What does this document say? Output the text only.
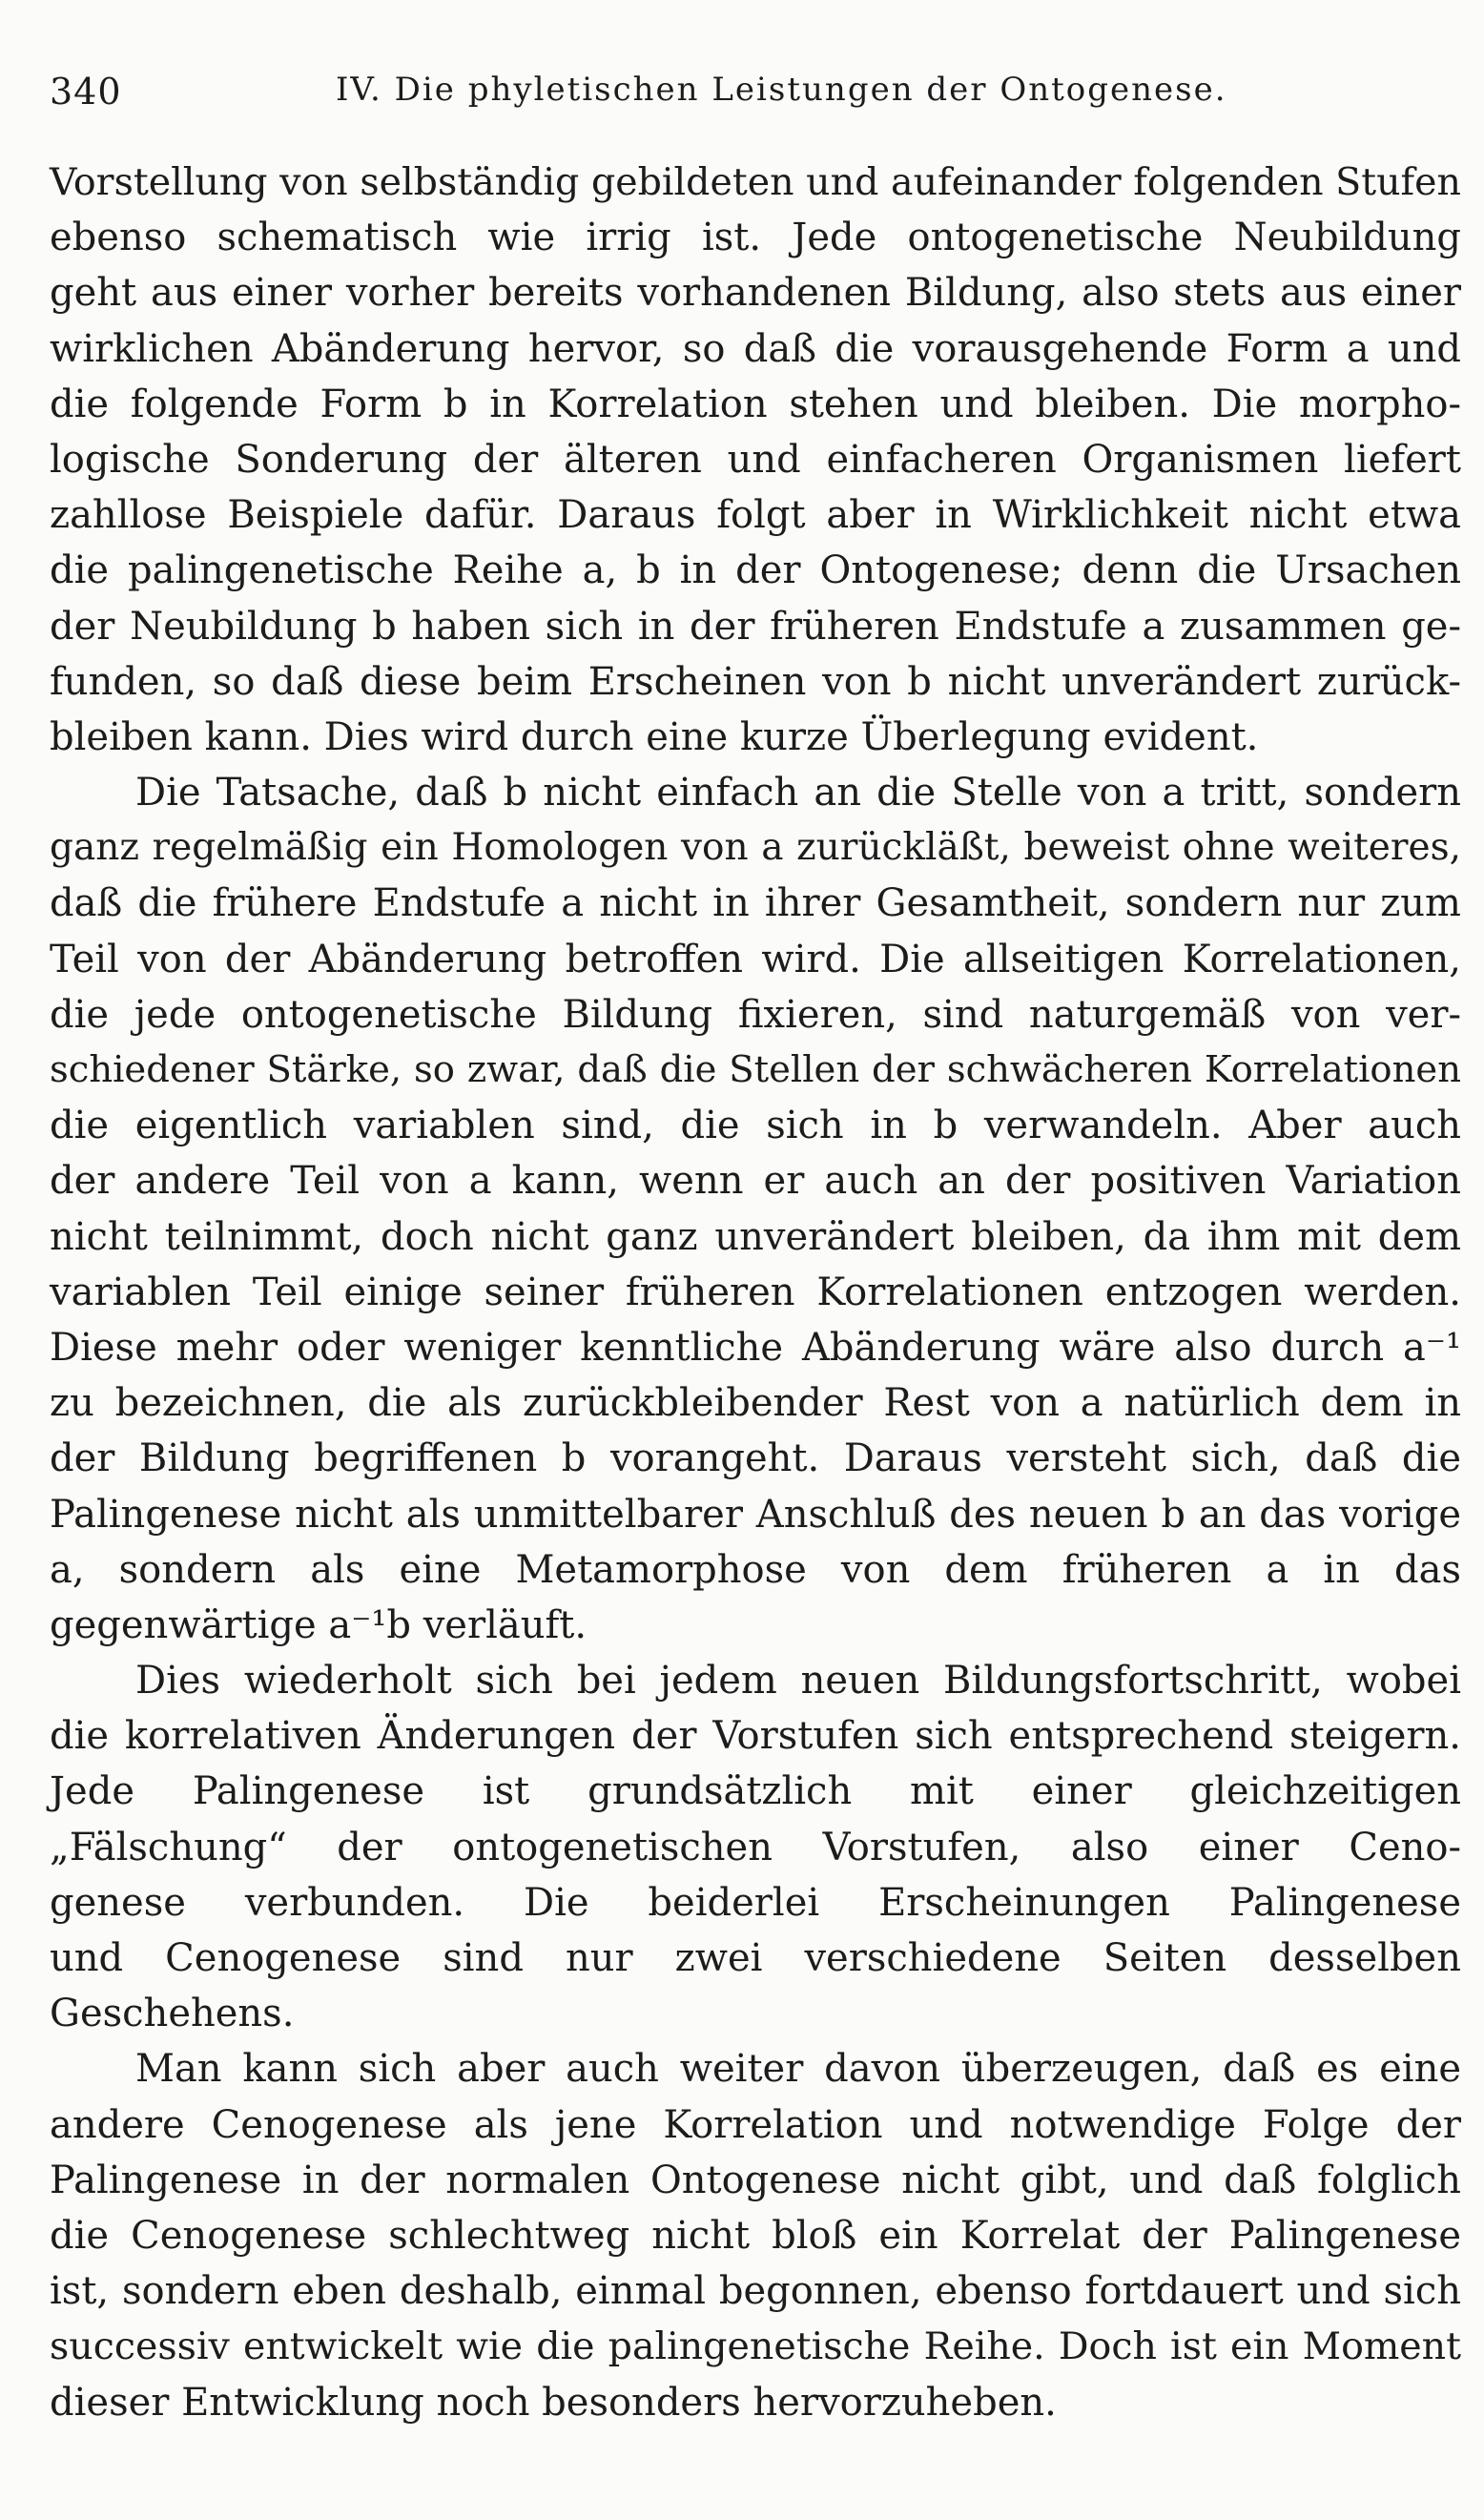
340	IV. Die phyletischen Leistungen der Ontogenese.
Vorstellung von selbständig gebildeten und aufeinander folgenden Stufen
ebenso schematisch wie irrig ist. Jede ontogenetische Neubildung
geht aus einer vorher bereits vorhandenen Bildung, also stets aus einer
wirklichen Abänderung hervor, so daß die vorausgehende Form a und
die folgende Form b in Korrelation stehen und bleiben. Die morpho-
logische Sonderung der älteren und einfacheren Organismen liefert
zahllose Beispiele dafür. Daraus folgt aber in Wirklichkeit nicht etwa
die palingenetische Reihe a, b in der Ontogenese; denn die Ursachen
der Neubildung b haben sich in der früheren Endstufe a zusammen ge-
funden, so daß diese beim Erscheinen von b nicht unverändert zurück-
bleiben kann. Dies wird durch eine kurze Überlegung evident.
Die Tatsache, daß b nicht einfach an die Stelle von a tritt, sondern
ganz regelmäßig ein Homologen von a zurückläßt, beweist ohne weiteres,
daß die frühere Endstufe a nicht in ihrer Gesamtheit, sondern nur zum
Teil von der Abänderung betroffen wird. Die allseitigen Korrelationen,
die jede ontogenetische Bildung fixieren, sind naturgemäß von ver-
schiedener Stärke, so zwar, daß die Stellen der schwächeren Korrelationen
die eigentlich variablen sind, die sich in b verwandeln. Aber auch
der andere Teil von a kann, wenn er auch an der positiven Variation
nicht teilnimmt, doch nicht ganz unverändert bleiben, da ihm mit dem
variablen Teil einige seiner früheren Korrelationen entzogen werden.
Diese mehr oder weniger kenntliche Abänderung wäre also durch a⁻¹
zu bezeichnen, die als zurückbleibender Rest von a natürlich dem in
der Bildung begriffenen b vorangeht. Daraus versteht sich, daß die
Palingenese nicht als unmittelbarer Anschluß des neuen b an das vorige
a, sondern als eine Metamorphose von dem früheren a in das
gegenwärtige a⁻¹b verläuft.
Dies wiederholt sich bei jedem neuen Bildungsfortschritt, wobei
die korrelativen Änderungen der Vorstufen sich entsprechend steigern.
Jede Palingenese ist grundsätzlich mit einer gleichzeitigen
„Fälschung“ der ontogenetischen Vorstufen, also einer Ceno-
genese verbunden. Die beiderlei Erscheinungen Palingenese
und Cenogenese sind nur zwei verschiedene Seiten desselben
Geschehens.
Man kann sich aber auch weiter davon überzeugen, daß es eine
andere Cenogenese als jene Korrelation und notwendige Folge der
Palingenese in der normalen Ontogenese nicht gibt, und daß folglich
die Cenogenese schlechtweg nicht bloß ein Korrelat der Palingenese
ist, sondern eben deshalb, einmal begonnen, ebenso fortdauert und sich
successiv entwickelt wie die palingenetische Reihe. Doch ist ein Moment
dieser Entwicklung noch besonders hervorzuheben.
